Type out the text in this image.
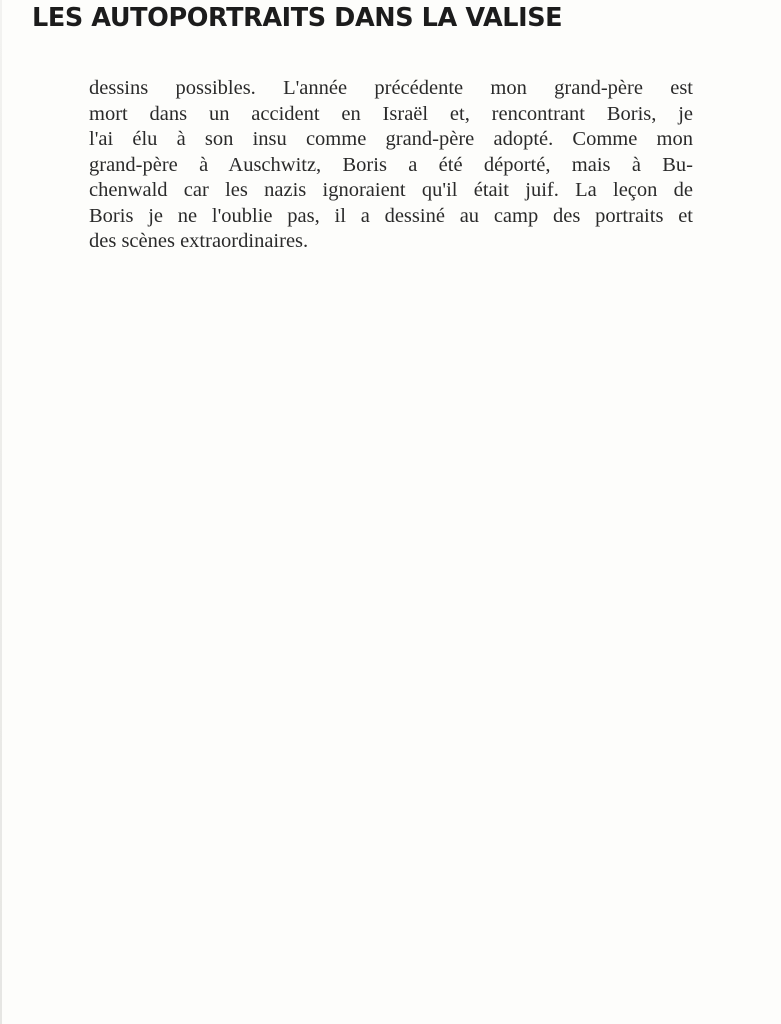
LES AUTOPORTRAITS DANS LA VALISE
dessins possibles. L'année précédente mon grand-père est
mort dans un accident en Israël et, rencontrant Boris, je
l'ai élu à son insu comme grand-père adopté. Comme mon
grand-père à Auschwitz, Boris a été déporté, mais à Bu-
chenwald car les nazis ignoraient qu'il était juif. La leçon de
Boris je ne l'oublie pas, il a dessiné au camp des portraits et
des scènes extraordinaires.
